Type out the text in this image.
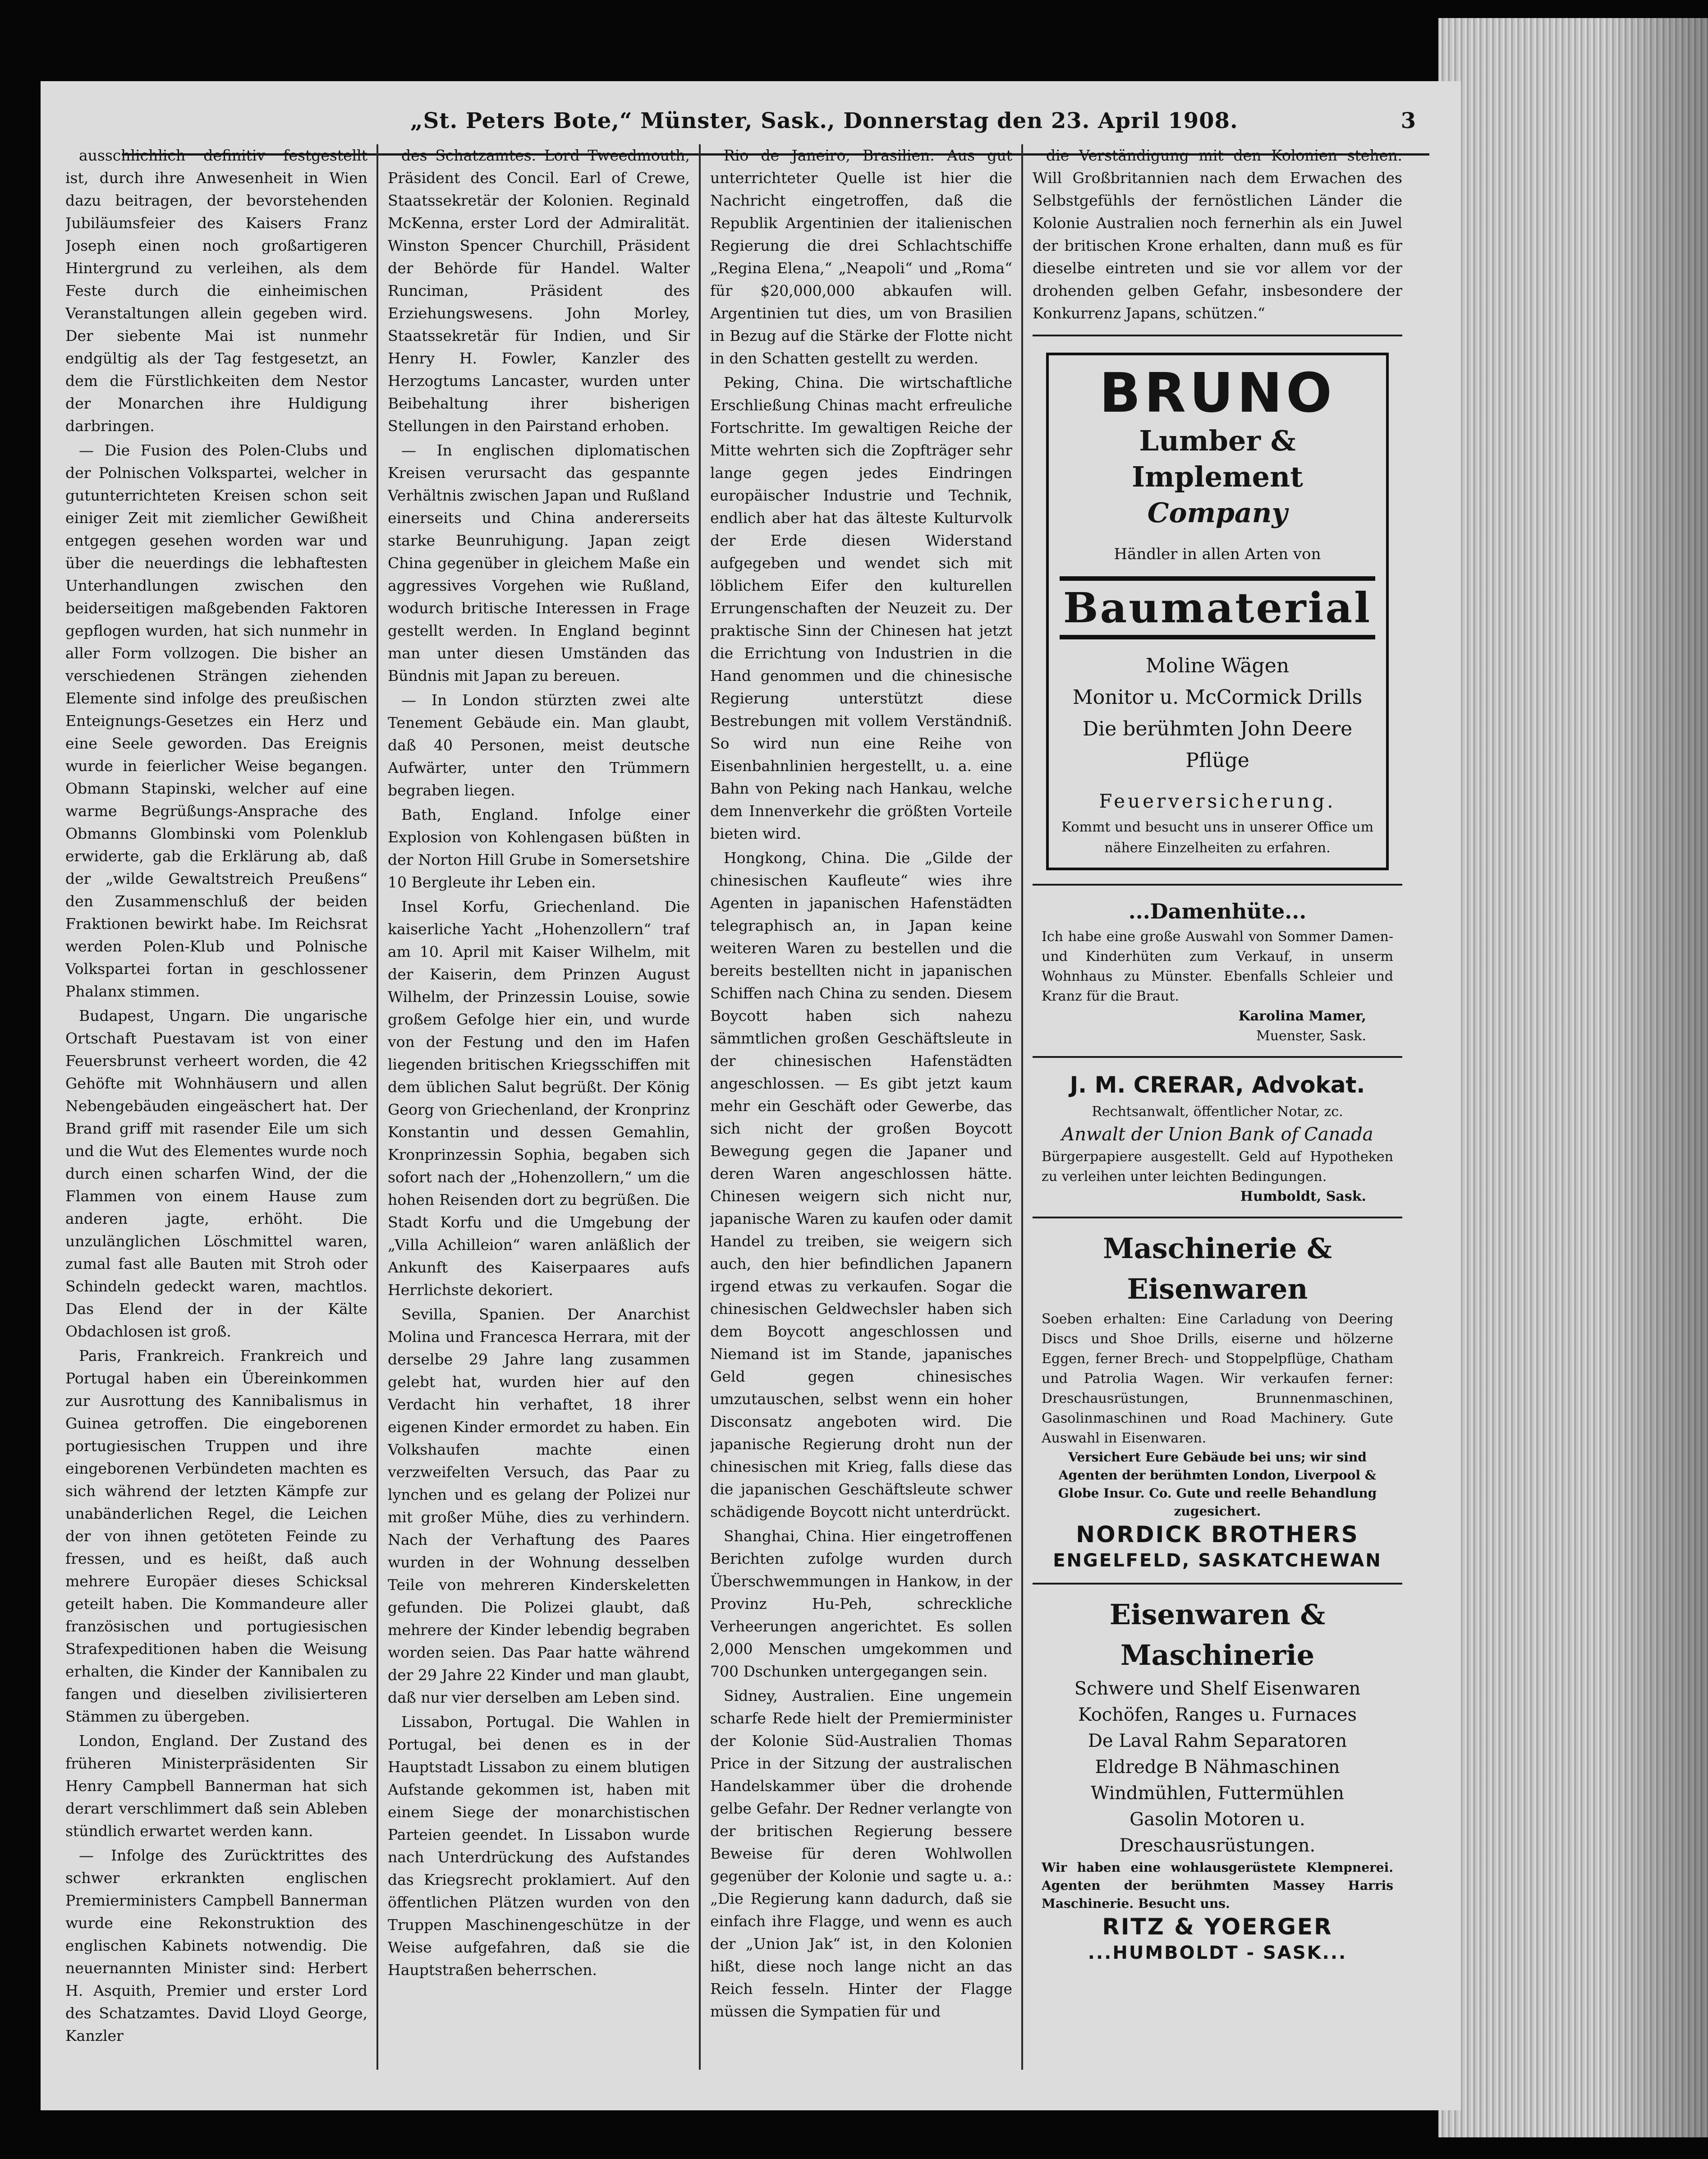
„St. Peters Bote,“ Münster, Sask., Donnerstag den 23. April 1908.	3

ausschlichlich definitiv festgestellt ist, durch ihre Anwesenheit in Wien dazu beitragen, der bevorstehenden Jubiläumsfeier des Kaisers Franz Joseph einen noch großartigeren Hintergrund zu verleihen, als dem Feste durch die einheimischen Veranstaltungen allein gegeben wird. Der siebente Mai ist nunmehr endgültig als der Tag festgesetzt, an dem die Fürstlichkeiten dem Nestor der Monarchen ihre Huldigung darbringen.

— Die Fusion des Polen-Clubs und der Polnischen Volkspartei, welcher in gutunterrichteten Kreisen schon seit einiger Zeit mit ziemlicher Gewißheit entgegen gesehen worden war und über die neuerdings die lebhaftesten Unterhandlungen zwischen den beiderseitigen maßgebenden Faktoren gepflogen wurden, hat sich nunmehr in aller Form vollzogen. Die bisher an verschiedenen Strängen ziehenden Elemente sind infolge des preußischen Enteignungs-Gesetzes ein Herz und eine Seele geworden. Das Ereignis wurde in feierlicher Weise begangen. Obmann Stapinski, welcher auf eine warme Begrüßungs-Ansprache des Obmanns Glombinski vom Polenklub erwiderte, gab die Erklärung ab, daß der „wilde Gewaltstreich Preußens“ den Zusammenschluß der beiden Fraktionen bewirkt habe. Im Reichsrat werden Polen-Klub und Polnische Volkspartei fortan in geschlossener Phalanx stimmen.

Budapest, Ungarn. Die ungarische Ortschaft Puestavam ist von einer Feuersbrunst verheert worden, die 42 Gehöfte mit Wohnhäusern und allen Nebengebäuden eingeäschert hat. Der Brand griff mit rasender Eile um sich und die Wut des Elementes wurde noch durch einen scharfen Wind, der die Flammen von einem Hause zum anderen jagte, erhöht. Die unzulänglichen Löschmittel waren, zumal fast alle Bauten mit Stroh oder Schindeln gedeckt waren, machtlos. Das Elend der in der Kälte Obdachlosen ist groß.

Paris, Frankreich. Frankreich und Portugal haben ein Übereinkommen zur Ausrottung des Kannibalismus in Guinea getroffen. Die eingeborenen portugiesischen Truppen und ihre eingeborenen Verbündeten machten es sich während der letzten Kämpfe zur unabänderlichen Regel, die Leichen der von ihnen getöteten Feinde zu fressen, und es heißt, daß auch mehrere Europäer dieses Schicksal geteilt haben. Die Kommandeure aller französischen und portugiesischen Strafexpeditionen haben die Weisung erhalten, die Kinder der Kannibalen zu fangen und dieselben zivilisierteren Stämmen zu übergeben.

London, England. Der Zustand des früheren Ministerpräsidenten Sir Henry Campbell Bannerman hat sich derart verschlimmert daß sein Ableben stündlich erwartet werden kann.

— Infolge des Zurücktrittes des schwer erkrankten englischen Premierministers Campbell Bannerman wurde eine Rekonstruktion des englischen Kabinets notwendig. Die neuernannten Minister sind: Herbert H. Asquith, Premier und erster Lord des Schatzamtes. David Lloyd George, Kanzler

des Schatzamtes. Lord Tweedmouth, Präsident des Concil. Earl of Crewe, Staatssekretär der Kolonien. Reginald McKenna, erster Lord der Admiralität. Winston Spencer Churchill, Präsident der Behörde für Handel. Walter Runciman, Präsident des Erziehungswesens. John Morley, Staatssekretär für Indien, und Sir Henry H. Fowler, Kanzler des Herzogtums Lancaster, wurden unter Beibehaltung ihrer bisherigen Stellungen in den Pairstand erhoben.

— In englischen diplomatischen Kreisen verursacht das gespannte Verhältnis zwischen Japan und Rußland einerseits und China andererseits starke Beunruhigung. Japan zeigt China gegenüber in gleichem Maße ein aggressives Vorgehen wie Rußland, wodurch britische Interessen in Frage gestellt werden. In England beginnt man unter diesen Umständen das Bündnis mit Japan zu bereuen.

— In London stürzten zwei alte Tenement Gebäude ein. Man glaubt, daß 40 Personen, meist deutsche Aufwärter, unter den Trümmern begraben liegen.

Bath, England. Infolge einer Explosion von Kohlengasen büßten in der Norton Hill Grube in Somersetshire 10 Bergleute ihr Leben ein.

Insel Korfu, Griechenland. Die kaiserliche Yacht „Hohenzollern“ traf am 10. April mit Kaiser Wilhelm, mit der Kaiserin, dem Prinzen August Wilhelm, der Prinzessin Louise, sowie großem Gefolge hier ein, und wurde von der Festung und den im Hafen liegenden britischen Kriegsschiffen mit dem üblichen Salut begrüßt. Der König Georg von Griechenland, der Kronprinz Konstantin und dessen Gemahlin, Kronprinzessin Sophia, begaben sich sofort nach der „Hohenzollern,“ um die hohen Reisenden dort zu begrüßen. Die Stadt Korfu und die Umgebung der „Villa Achilleion“ waren anläßlich der Ankunft des Kaiserpaares aufs Herrlichste dekoriert.

Sevilla, Spanien. Der Anarchist Molina und Francesca Herrara, mit der derselbe 29 Jahre lang zusammen gelebt hat, wurden hier auf den Verdacht hin verhaftet, 18 ihrer eigenen Kinder ermordet zu haben. Ein Volkshaufen machte einen verzweifelten Versuch, das Paar zu lynchen und es gelang der Polizei nur mit großer Mühe, dies zu verhindern. Nach der Verhaftung des Paares wurden in der Wohnung desselben Teile von mehreren Kinderskeletten gefunden. Die Polizei glaubt, daß mehrere der Kinder lebendig begraben worden seien. Das Paar hatte während der 29 Jahre 22 Kinder und man glaubt, daß nur vier derselben am Leben sind.

Lissabon, Portugal. Die Wahlen in Portugal, bei denen es in der Hauptstadt Lissabon zu einem blutigen Aufstande gekommen ist, haben mit einem Siege der monarchistischen Parteien geendet. In Lissabon wurde nach Unterdrückung des Aufstandes das Kriegsrecht proklamiert. Auf den öffentlichen Plätzen wurden von den Truppen Maschinengeschütze in der Weise aufgefahren, daß sie die Hauptstraßen beherrschen.

Rio de Janeiro, Brasilien. Aus gut unterrichteter Quelle ist hier die Nachricht eingetroffen, daß die Republik Argentinien der italienischen Regierung die drei Schlachtschiffe „Regina Elena,“ „Neapoli“ und „Roma“ für $20,000,000 abkaufen will. Argentinien tut dies, um von Brasilien in Bezug auf die Stärke der Flotte nicht in den Schatten gestellt zu werden.

Peking, China. Die wirtschaftliche Erschließung Chinas macht erfreuliche Fortschritte. Im gewaltigen Reiche der Mitte wehrten sich die Zopfträger sehr lange gegen jedes Eindringen europäischer Industrie und Technik, endlich aber hat das älteste Kulturvolk der Erde diesen Widerstand aufgegeben und wendet sich mit löblichem Eifer den kulturellen Errungenschaften der Neuzeit zu. Der praktische Sinn der Chinesen hat jetzt die Errichtung von Industrien in die Hand genommen und die chinesische Regierung unterstützt diese Bestrebungen mit vollem Verständniß. So wird nun eine Reihe von Eisenbahnlinien hergestellt, u. a. eine Bahn von Peking nach Hankau, welche dem Innenverkehr die größten Vorteile bieten wird.

Hongkong, China. Die „Gilde der chinesischen Kaufleute“ wies ihre Agenten in japanischen Hafenstädten telegraphisch an, in Japan keine weiteren Waren zu bestellen und die bereits bestellten nicht in japanischen Schiffen nach China zu senden. Diesem Boycott haben sich nahezu sämmtlichen großen Geschäftsleute in der chinesischen Hafenstädten angeschlossen. — Es gibt jetzt kaum mehr ein Geschäft oder Gewerbe, das sich nicht der großen Boycott Bewegung gegen die Japaner und deren Waren angeschlossen hätte. Chinesen weigern sich nicht nur, japanische Waren zu kaufen oder damit Handel zu treiben, sie weigern sich auch, den hier befindlichen Japanern irgend etwas zu verkaufen. Sogar die chinesischen Geldwechsler haben sich dem Boycott angeschlossen und Niemand ist im Stande, japanisches Geld gegen chinesisches umzutauschen, selbst wenn ein hoher Disconsatz angeboten wird. Die japanische Regierung droht nun der chinesischen mit Krieg, falls diese das die japanischen Geschäftsleute schwer schädigende Boycott nicht unterdrückt.

Shanghai, China. Hier eingetroffenen Berichten zufolge wurden durch Überschwemmungen in Hankow, in der Provinz Hu-Peh, schreckliche Verheerungen angerichtet. Es sollen 2,000 Menschen umgekommen und 700 Dschunken untergegangen sein.

Sidney, Australien. Eine ungemein scharfe Rede hielt der Premierminister der Kolonie Süd-Australien Thomas Price in der Sitzung der australischen Handelskammer über die drohende gelbe Gefahr. Der Redner verlangte von der britischen Regierung bessere Beweise für deren Wohlwollen gegenüber der Kolonie und sagte u. a.: „Die Regierung kann dadurch, daß sie einfach ihre Flagge, und wenn es auch der „Union Jak“ ist, in den Kolonien hißt, diese noch lange nicht an das Reich fesseln. Hinter der Flagge müssen die Sympatien für und

die Verständigung mit den Kolonien stehen. Will Großbritannien nach dem Erwachen des Selbstgefühls der fernöstlichen Länder die Kolonie Australien noch fernerhin als ein Juwel der britischen Krone erhalten, dann muß es für dieselbe eintreten und sie vor allem vor der drohenden gelben Gefahr, insbesondere der Konkurrenz Japans, schützen.“

BRUNO
Lumber & Implement
Company
Händler in allen Arten von
Baumaterial
Moline Wägen
Monitor u. McCormick Drills
Die berühmten John Deere
Pflüge
Feuerversicherung.
Kommt und besucht uns in unserer Office um nähere Einzelheiten zu erfahren.
...Damenhüte...
Ich habe eine große Auswahl von Sommer Damen- und Kinderhüten zum Verkauf, in unserm Wohnhaus zu Münster. Ebenfalls Schleier und Kranz für die Braut.
Karolina Mamer,
Muenster, Sask.
J. M. CRERAR, Advokat.
Rechtsanwalt, öffentlicher Notar, zc.
Anwalt der Union Bank of Canada
Bürgerpapiere ausgestellt. Geld auf Hypotheken zu verleihen unter leichten Bedingungen.
Humboldt, Sask.
Maschinerie & Eisenwaren
Soeben erhalten: Eine Carladung von Deering Discs und Shoe Drills, eiserne und hölzerne Eggen, ferner Brech- und Stoppelpflüge, Chatham und Patrolia Wagen. Wir verkaufen ferner: Dreschausrüstungen, Brunnenmaschinen, Gasolinmaschinen und Road Machinery. Gute Auswahl in Eisenwaren.
Versichert Eure Gebäude bei uns; wir sind Agenten der berühmten London, Liverpool & Globe Insur. Co. Gute und reelle Behandlung zugesichert.
NORDICK BROTHERS
ENGELFELD, SASKATCHEWAN
Eisenwaren & Maschinerie
Schwere und Shelf Eisenwaren
Kochöfen, Ranges u. Furnaces
De Laval Rahm Separatoren
Eldredge B Nähmaschinen
Windmühlen, Futtermühlen
Gasolin Motoren u. Dreschausrüstungen.
Wir haben eine wohlausgerüstete Klempnerei. Agenten der berühmten Massey Harris Maschinerie. Besucht uns.
RITZ & YOERGER
...HUMBOLDT - SASK...
